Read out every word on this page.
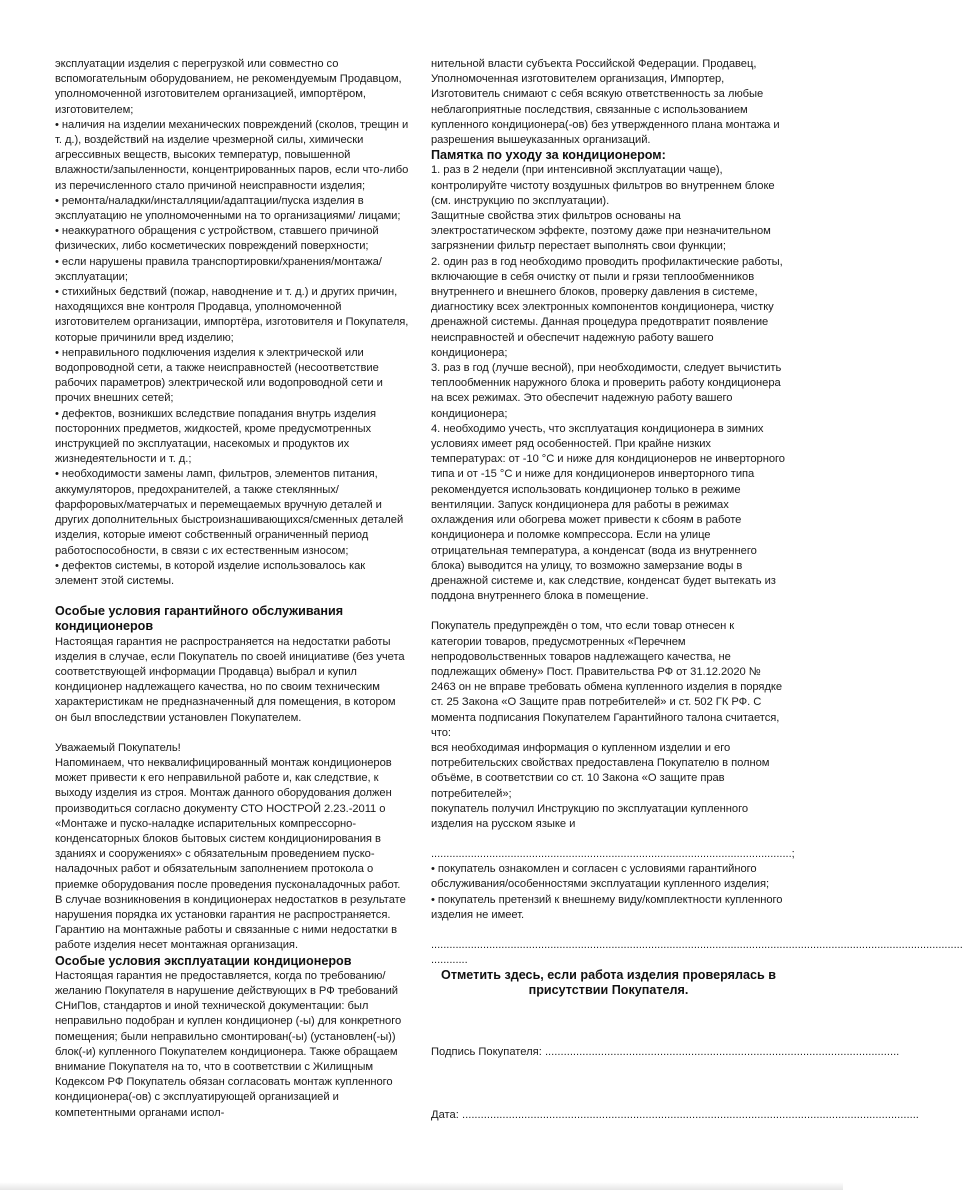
эксплуатации изделия с перегрузкой или совместно со вспомогательным оборудованием, не рекомендуемым Продавцом, уполномоченной изготовителем организацией, импортёром, изготовителем;

• наличия на изделии механических повреждений (сколов, трещин и т. д.), воздействий на изделие чрезмерной силы, химически агрессивных веществ, высоких температур, повышенной влажности/запыленности, концентрированных паров, если что-либо из перечисленного стало причиной неисправности изделия;

• ремонта/наладки/инсталляции/адаптации/пуска изделия в эксплуатацию не уполномоченными на то организациями/ лицами;

• неаккуратного обращения с устройством, ставшего причиной физических, либо косметических повреждений поверхности;

• если нарушены правила транспортировки/хранения/монтажа/эксплуатации;

• стихийных бедствий (пожар, наводнение и т. д.) и других причин, находящихся вне контроля Продавца, уполномоченной изготовителем организации, импортёра, изготовителя и Покупателя, которые причинили вред изделию;

• неправильного подключения изделия к электрической или водопроводной сети, а также неисправностей (несоответствие рабочих параметров) электрической или водопроводной сети и прочих внешних сетей;

• дефектов, возникших вследствие попадания внутрь изделия посторонних предметов, жидкостей, кроме предусмотренных инструкцией по эксплуатации, насекомых и продуктов их жизнедеятельности и т. д.;

• необходимости замены ламп, фильтров, элементов питания, аккумуляторов, предохранителей, а также стеклянных/фарфоровых/матерчатых и перемещаемых вручную деталей и других дополнительных быстроизнашивающихся/сменных деталей изделия, которые имеют собственный ограниченный период работоспособности, в связи с их естественным износом;

• дефектов системы, в которой изделие использовалось как элемент этой системы.

Особые условия гарантийного обслуживания кондиционеров

Настоящая гарантия не распространяется на недостатки работы изделия в случае, если Покупатель по своей инициативе (без учета соответствующей информации Продавца) выбрал и купил кондиционер надлежащего качества, но по своим техническим характеристикам не предназначенный для помещения, в котором он был впоследствии установлен Покупателем.

Уважаемый Покупатель!

Напоминаем, что неквалифицированный монтаж кондиционеров может привести к его неправильной работе и, как следствие, к выходу изделия из строя. Монтаж данного оборудования должен производиться согласно документу СТО НОСТРОЙ 2.23.-2011 о «Монтаже и пуско-наладке испарительных компрессорно-конденсаторных блоков бытовых систем кондиционирования в зданиях и сооружениях» с обязательным проведением пуско-наладочных работ и обязательным заполнением протокола о приемке оборудования после проведения пусконаладочных работ.

В случае возникновения в кондиционерах недостатков в результате нарушения порядка их установки гарантия не распространяется. Гарантию на монтажные работы и связанные с ними недостатки в работе изделия несет монтажная организация.

Особые условия эксплуатации кондиционеров

Настоящая гарантия не предоставляется, когда по требованию/желанию Покупателя в нарушение действующих в РФ требований СНиПов, стандартов и иной технической документации: был неправильно подобран и куплен кондиционер (-ы) для конкретного помещения; были неправильно смонтирован(-ы) (установлен(-ы)) блок(-и) купленного Покупателем кондиционера. Также обращаем внимание Покупателя на то, что в соответствии с Жилищным Кодексом РФ Покупатель обязан согласовать монтаж купленного кондиционера(-ов) с эксплуатирующей организацией и компетентными органами испол-

нительной власти субъекта Российской Федерации. Продавец, Уполномоченная изготовителем организация, Импортер, Изготовитель снимают с себя всякую ответственность за любые неблагоприятные последствия, связанные с использованием купленного кондиционера(-ов) без утвержденного плана монтажа и разрешения вышеуказанных организаций.

Памятка по уходу за кондиционером:

1. раз в 2 недели (при интенсивной эксплуатации чаще), контролируйте чистоту воздушных фильтров во внутреннем блоке (см. инструкцию по эксплуатации).

Защитные свойства этих фильтров основаны на электростатическом эффекте, поэтому даже при незначительном загрязнении фильтр перестает выполнять свои функции;

2. один раз в год необходимо проводить профилактические работы, включающие в себя очистку от пыли и грязи теплообменников внутреннего и внешнего блоков, проверку давления в системе, диагностику всех электронных компонентов кондиционера, чистку дренажной системы. Данная процедура предотвратит появление неисправностей и обеспечит надежную работу вашего кондиционера;

3. раз в год (лучше весной), при необходимости, следует вычистить теплообменник наружного блока и проверить работу кондиционера на всех режимах. Это обеспечит надежную работу вашего кондиционера;

4. необходимо учесть, что эксплуатация кондиционера в зимних условиях имеет ряд особенностей. При крайне низких температурах: от -10 °С и ниже для кондиционеров не инверторного типа и от -15 °С и ниже для кондиционеров инверторного типа рекомендуется использовать кондиционер только в режиме вентиляции. Запуск кондиционера для работы в режимах охлаждения или обогрева может привести к сбоям в работе кондиционера и поломке компрессора. Если на улице отрицательная температура, а конденсат (вода из внутреннего блока) выводится на улицу, то возможно замерзание воды в дренажной системе и, как следствие, конденсат будет вытекать из поддона внутреннего блока в помещение.

Покупатель предупреждён о том, что если товар отнесен к категории товаров, предусмотренных «Перечнем непродовольственных товаров надлежащего качества, не подлежащих обмену» Пост. Правительства РФ от 31.12.2020 № 2463 он не вправе требовать обмена купленного изделия в порядке ст. 25 Закона «О Защите прав потребителей» и ст. 502 ГК РФ. С момента подписания Покупателем Гарантийного талона считается, что:

вся необходимая информация о купленном изделии и его потребительских свойствах предоставлена Покупателю в полном объёме, в соответствии со ст. 10 Закона «О защите прав потребителей»;

покупатель получил Инструкцию по эксплуатации купленного изделия на русском языке и

......................................................................................................................;

• покупатель ознакомлен и согласен с условиями гарантийного обслуживания/особенностями эксплуатации купленного изделия;

• покупатель претензий к внешнему виду/комплектности купленного изделия не имеет.

..............................................................................................................................................................................
............

Отметить здесь, если работа изделия проверялась в присутствии Покупателя.

Подпись Покупателя: ..................................................................................................................
Дата: ...................................................................................................................................................
